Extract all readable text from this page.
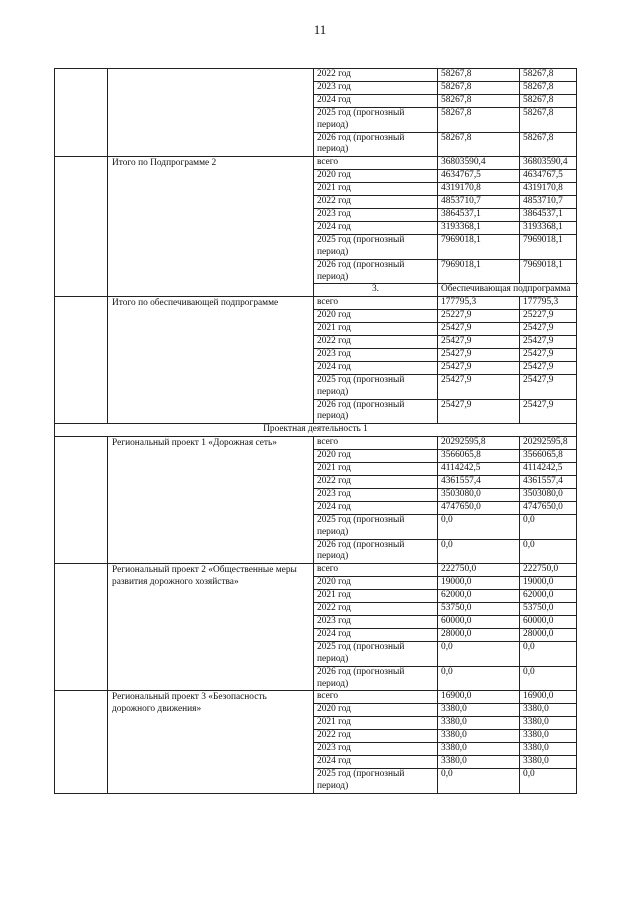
11
		2022 год	58267,8	58267,8
		2023 год	58267,8	58267,8
		2024 год	58267,8	58267,8
		2025 год (прогнозный период)	58267,8	58267,8
		2026 год (прогнозный период)	58267,8	58267,8
	Итого по Подпрограмме 2	всего	36803590,4	36803590,4
		2020 год	4634767,5	4634767,5
		2021 год	4319170,8	4319170,8
		2022 год	4853710,7	4853710,7
		2023 год	3864537,1	3864537,1
		2024 год	3193368,1	3193368,1
		2025 год (прогнозный период)	7969018,1	7969018,1
		2026 год (прогнозный период)	7969018,1	7969018,1
		3.	Обеспечивающая подпрограмма	
	Итого по обеспечивающей подпрограмме	всего	177795,3	177795,3
		2020 год	25227,9	25227,9
		2021 год	25427,9	25427,9
		2022 год	25427,9	25427,9
		2023 год	25427,9	25427,9
		2024 год	25427,9	25427,9
		2025 год (прогнозный период)	25427,9	25427,9
		2026 год (прогнозный период)	25427,9	25427,9
Проектная деятельность 1				
	Региональный проект 1 «Дорожная сеть»	всего	20292595,8	20292595,8
		2020 год	3566065,8	3566065,8
		2021 год	4114242,5	4114242,5
		2022 год	4361557,4	4361557,4
		2023 год	3503080,0	3503080,0
		2024 год	4747650,0	4747650,0
		2025 год (прогнозный период)	0,0	0,0
		2026 год (прогнозный период)	0,0	0,0
	Региональный проект 2 «Общественные меры развития дорожного хозяйства»	всего	222750,0	222750,0
		2020 год	19000,0	19000,0
		2021 год	62000,0	62000,0
		2022 год	53750,0	53750,0
		2023 год	60000,0	60000,0
		2024 год	28000,0	28000,0
		2025 год (прогнозный период)	0,0	0,0
		2026 год (прогнозный период)	0,0	0,0
	Региональный проект 3 «Безопасность дорожного движения»	всего	16900,0	16900,0
		2020 год	3380,0	3380,0
		2021 год	3380,0	3380,0
		2022 год	3380,0	3380,0
		2023 год	3380,0	3380,0
		2024 год	3380,0	3380,0
		2025 год (прогнозный период)	0,0	0,0
